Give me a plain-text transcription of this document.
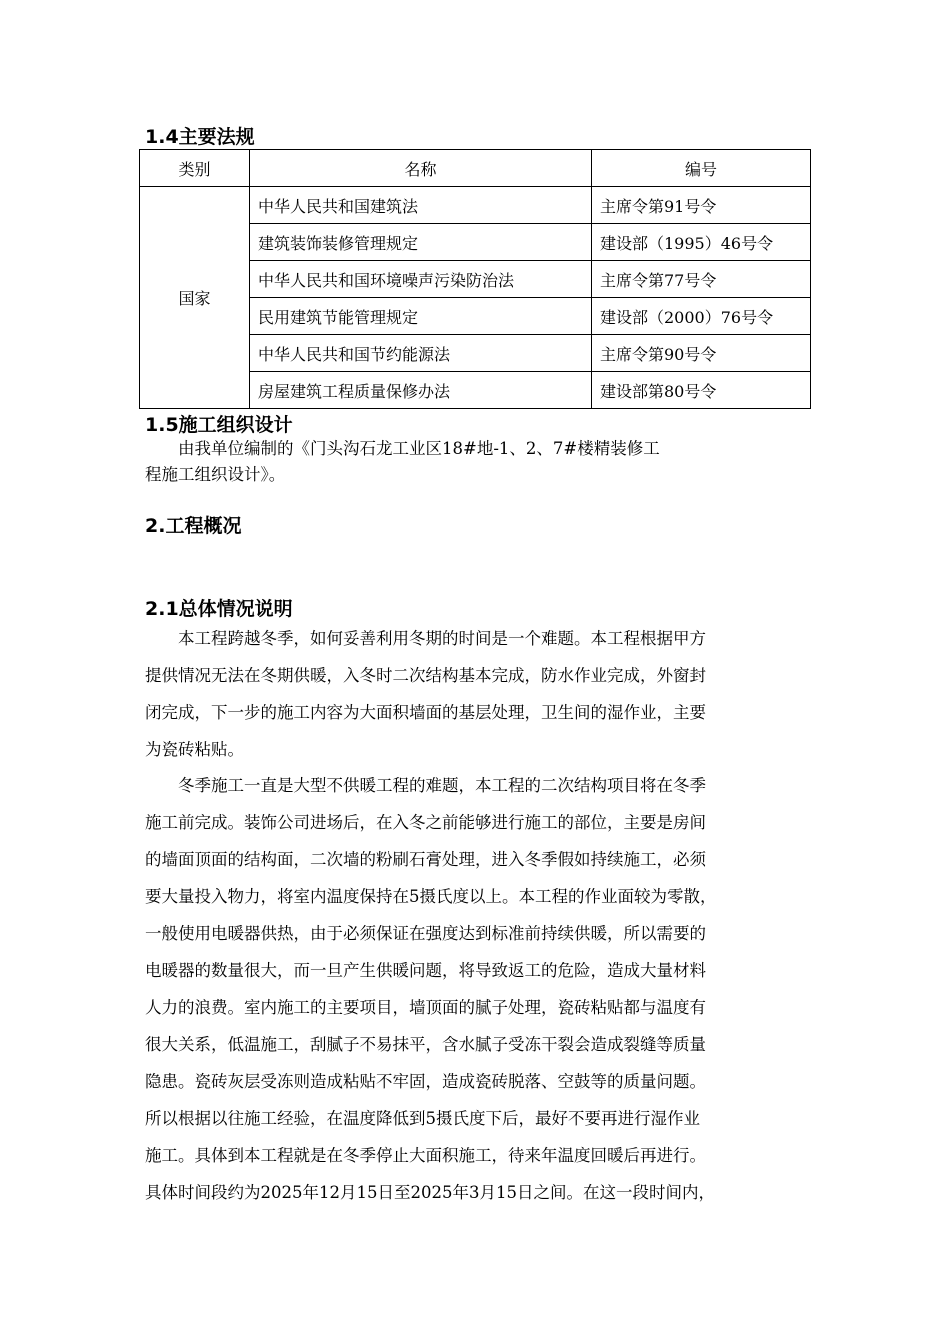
1.4主要法规
类别	名称	编号
国家	中华人民共和国建筑法	主席令第91号令
	建筑装饰装修管理规定	建设部（1995）46号令
	中华人民共和国环境噪声污染防治法	主席令第77号令
	民用建筑节能管理规定	建设部（2000）76号令
	中华人民共和国节约能源法	主席令第90号令
	房屋建筑工程质量保修办法	建设部第80号令
1.5施工组织设计
　　由我单位编制的《门头沟石龙工业区18#地-1、2、7#楼精装修工
程施工组织设计》。
2.工程概况
2.1总体情况说明
　　本工程跨越冬季，如何妥善利用冬期的时间是一个难题。本工程根据甲方
提供情况无法在冬期供暖，入冬时二次结构基本完成，防水作业完成，外窗封
闭完成，下一步的施工内容为大面积墙面的基层处理，卫生间的湿作业，主要
为瓷砖粘贴。
　　冬季施工一直是大型不供暖工程的难题，本工程的二次结构项目将在冬季
施工前完成。装饰公司进场后，在入冬之前能够进行施工的部位，主要是房间
的墙面顶面的结构面，二次墙的粉刷石膏处理，进入冬季假如持续施工，必须
要大量投入物力，将室内温度保持在5摄氏度以上。本工程的作业面较为零散，
一般使用电暖器供热，由于必须保证在强度达到标准前持续供暖，所以需要的
电暖器的数量很大，而一旦产生供暖问题，将导致返工的危险，造成大量材料
人力的浪费。室内施工的主要项目，墙顶面的腻子处理，瓷砖粘贴都与温度有
很大关系，低温施工，刮腻子不易抹平，含水腻子受冻干裂会造成裂缝等质量
隐患。瓷砖灰层受冻则造成粘贴不牢固，造成瓷砖脱落、空鼓等的质量问题。
所以根据以往施工经验，在温度降低到5摄氏度下后，最好不要再进行湿作业
施工。具体到本工程就是在冬季停止大面积施工，待来年温度回暖后再进行。
具体时间段约为2025年12月15日至2025年3月15日之间。在这一段时间内，
